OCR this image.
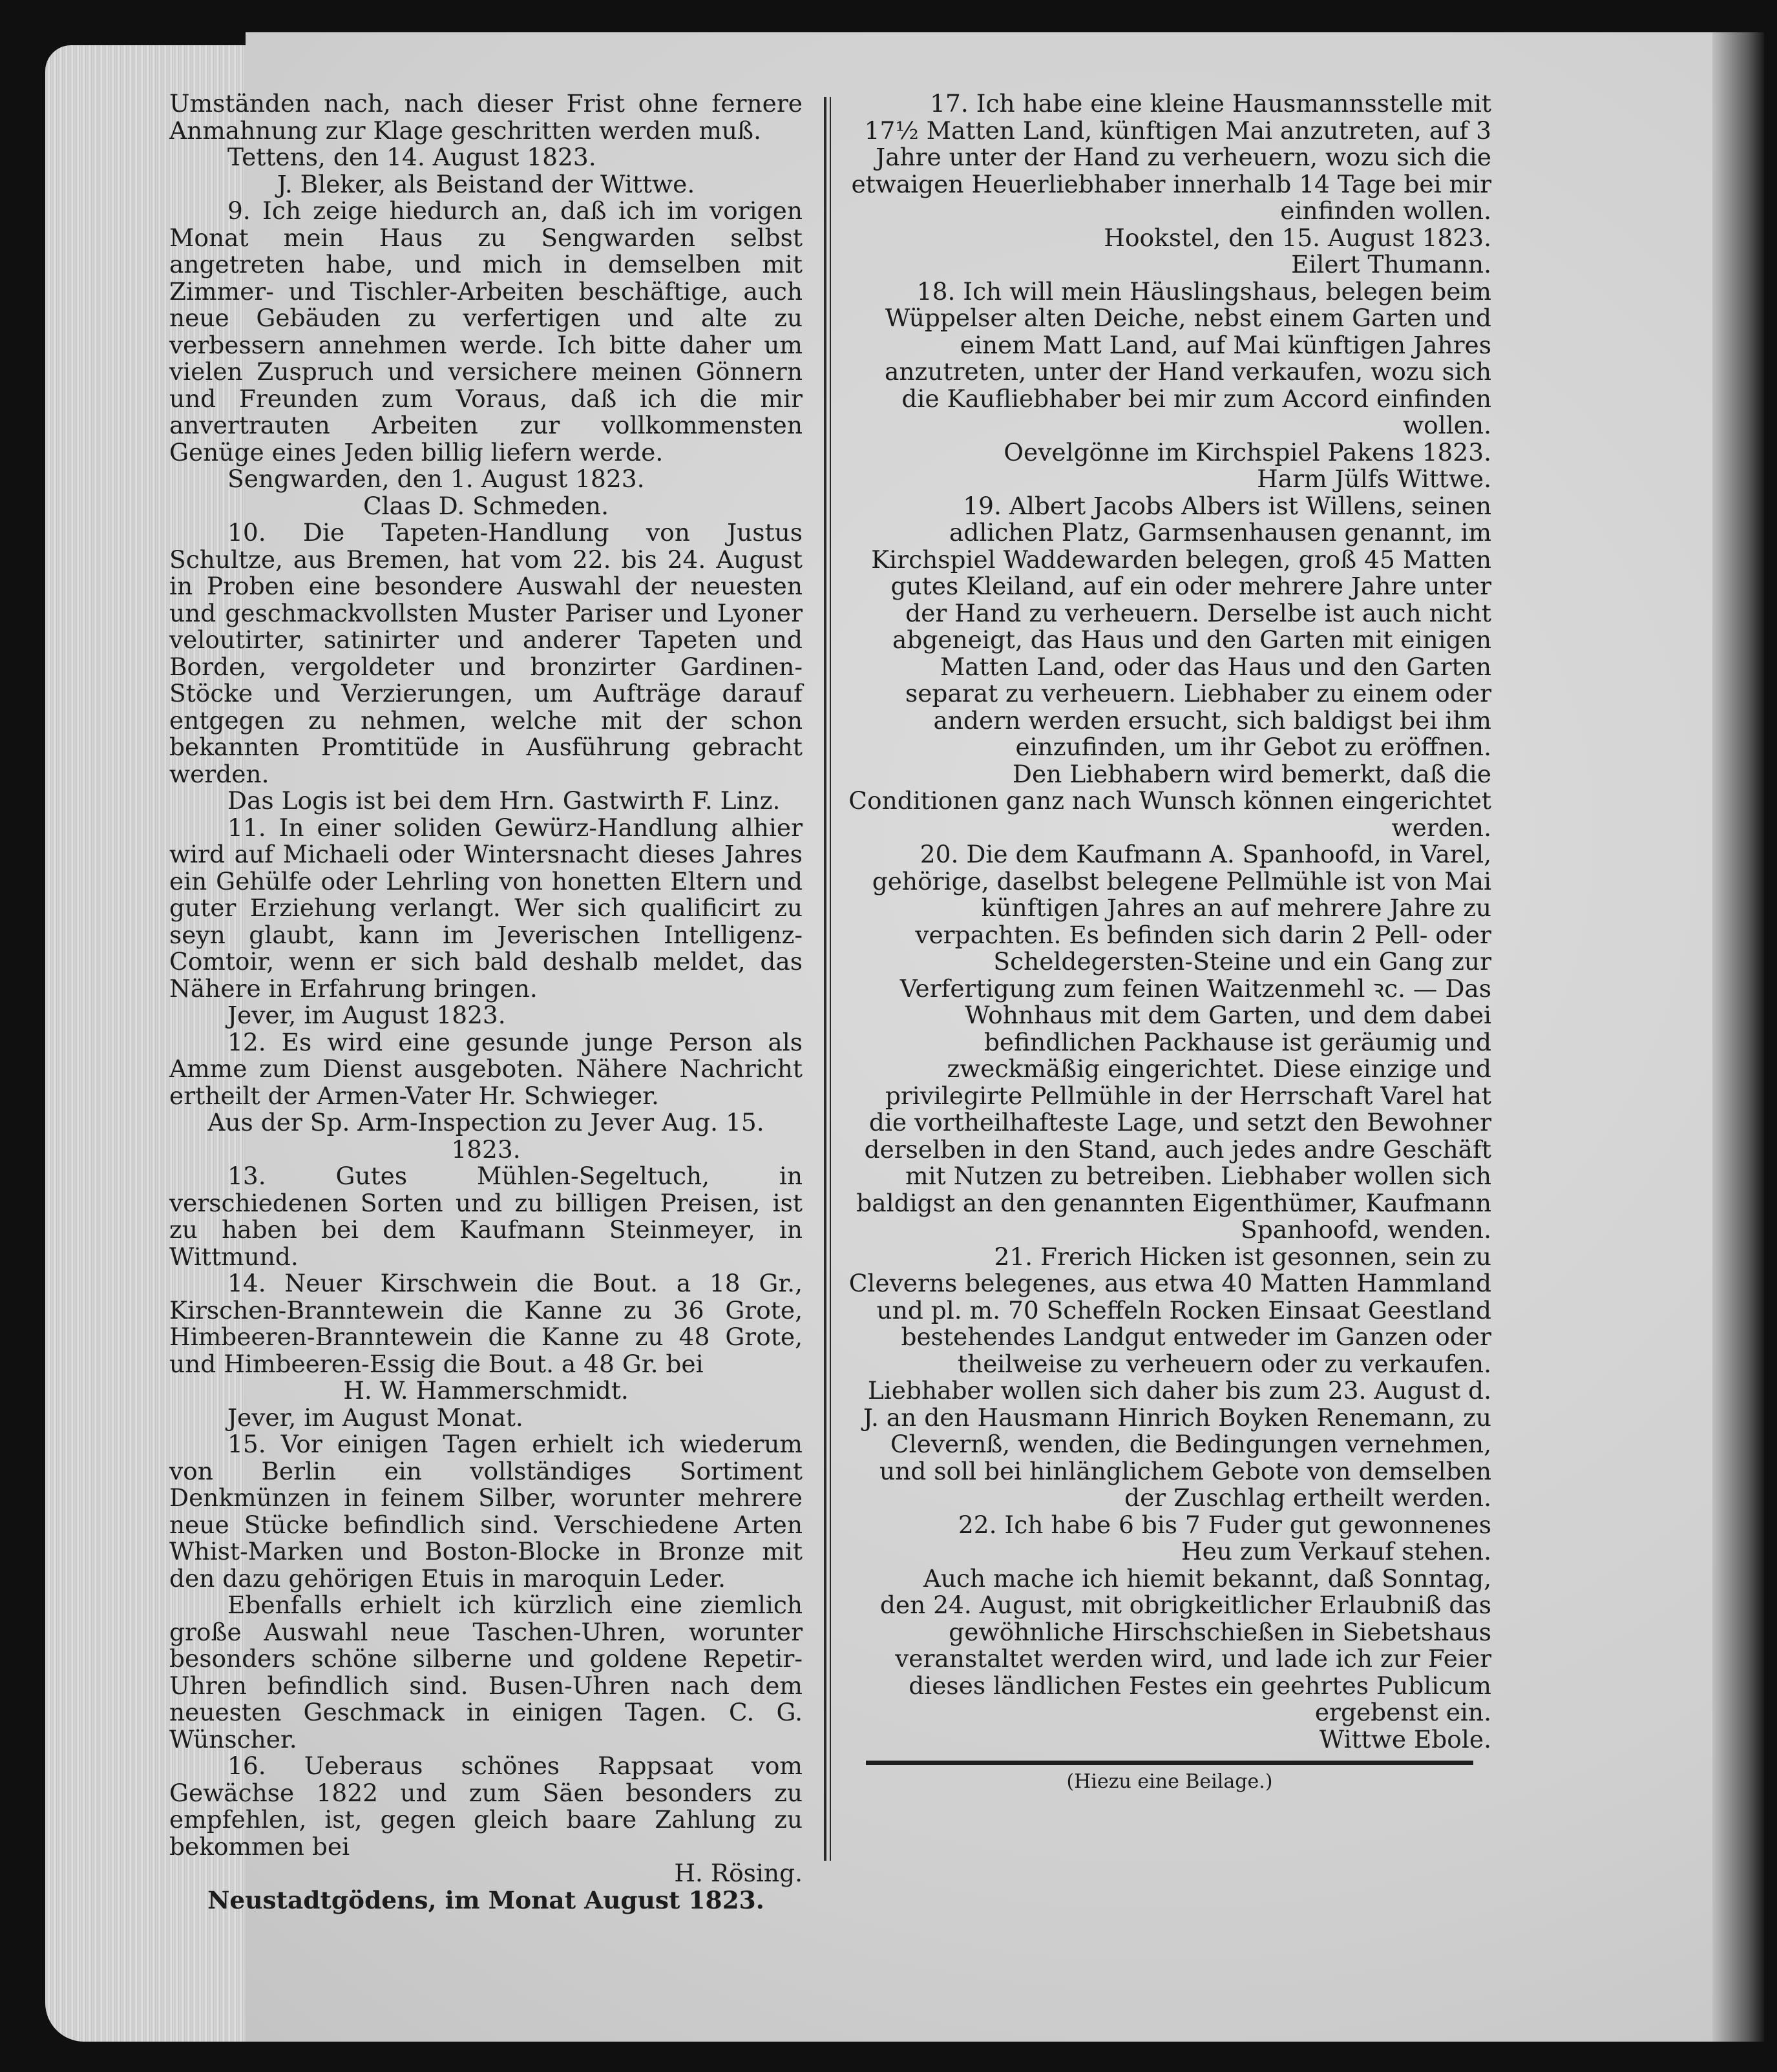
Umständen nach, nach dieser Frist ohne fernere Anmahnung zur Klage geschritten werden muß.

Tettens, den 14. August 1823.

J. Bleker, als Beistand der Wittwe.

9. Ich zeige hiedurch an, daß ich im vorigen Monat mein Haus zu Sengwarden selbst angetreten habe, und mich in demselben mit Zimmer- und Tischler-Arbeiten beschäftige, auch neue Gebäuden zu verfertigen und alte zu verbessern annehmen werde. Ich bitte daher um vielen Zuspruch und versichere meinen Gönnern und Freunden zum Voraus, daß ich die mir anvertrauten Arbeiten zur vollkommensten Genüge eines Jeden billig liefern werde.

Sengwarden, den 1. August 1823.

Claas D. Schmeden.

10. Die Tapeten-Handlung von Justus Schultze, aus Bremen, hat vom 22. bis 24. August in Proben eine besondere Auswahl der neuesten und geschmackvollsten Muster Pariser und Lyoner veloutirter, satinirter und anderer Tapeten und Borden, vergoldeter und bronzirter Gardinen-Stöcke und Verzierungen, um Aufträge darauf entgegen zu nehmen, welche mit der schon bekannten Promtitüde in Ausführung gebracht werden.

Das Logis ist bei dem Hrn. Gastwirth F. Linz.

11. In einer soliden Gewürz-Handlung alhier wird auf Michaeli oder Wintersnacht dieses Jahres ein Gehülfe oder Lehrling von honetten Eltern und guter Erziehung verlangt. Wer sich qualificirt zu seyn glaubt, kann im Jeverischen Intelligenz-Comtoir, wenn er sich bald deshalb meldet, das Nähere in Erfahrung bringen.

Jever, im August 1823.

12. Es wird eine gesunde junge Person als Amme zum Dienst ausgeboten. Nähere Nachricht ertheilt der Armen-Vater Hr. Schwieger.

Aus der Sp. Arm-Inspection zu Jever Aug. 15. 1823.

13. Gutes Mühlen-Segeltuch, in verschiedenen Sorten und zu billigen Preisen, ist zu haben bei dem Kaufmann Steinmeyer, in Wittmund.

14. Neuer Kirschwein die Bout. a 18 Gr., Kirschen-Branntewein die Kanne zu 36 Grote, Himbeeren-Branntewein die Kanne zu 48 Grote, und Himbeeren-Essig die Bout. a 48 Gr. bei

H. W. Hammerschmidt.

Jever, im August Monat.

15. Vor einigen Tagen erhielt ich wiederum von Berlin ein vollständiges Sortiment Denkmünzen in feinem Silber, worunter mehrere neue Stücke befindlich sind. Verschiedene Arten Whist-Marken und Boston-Blocke in Bronze mit den dazu gehörigen Etuis in maroquin Leder.

Ebenfalls erhielt ich kürzlich eine ziemlich große Auswahl neue Taschen-Uhren, worunter besonders schöne silberne und goldene Repetir-Uhren befindlich sind. Busen-Uhren nach dem neuesten Geschmack in einigen Tagen. C. G. Wünscher.

16. Ueberaus schönes Rappsaat vom Gewächse 1822 und zum Säen besonders zu empfehlen, ist, gegen gleich baare Zahlung zu bekommen bei

H. Rösing.

Neustadtgödens, im Monat August 1823.

17. Ich habe eine kleine Hausmannsstelle mit 17½ Matten Land, künftigen Mai anzutreten, auf 3 Jahre unter der Hand zu verheuern, wozu sich die etwaigen Heuerliebhaber innerhalb 14 Tage bei mir einfinden wollen.

Hookstel, den 15. August 1823.

Eilert Thumann.

18. Ich will mein Häuslingshaus, belegen beim Wüppelser alten Deiche, nebst einem Garten und einem Matt Land, auf Mai künftigen Jahres anzutreten, unter der Hand verkaufen, wozu sich die Kaufliebhaber bei mir zum Accord einfinden wollen.

Oevelgönne im Kirchspiel Pakens 1823.

Harm Jülfs Wittwe.

19. Albert Jacobs Albers ist Willens, seinen adlichen Platz, Garmsenhausen genannt, im Kirchspiel Waddewarden belegen, groß 45 Matten gutes Kleiland, auf ein oder mehrere Jahre unter der Hand zu verheuern. Derselbe ist auch nicht abgeneigt, das Haus und den Garten mit einigen Matten Land, oder das Haus und den Garten separat zu verheuern. Liebhaber zu einem oder andern werden ersucht, sich baldigst bei ihm einzufinden, um ihr Gebot zu eröffnen.

Den Liebhabern wird bemerkt, daß die Conditionen ganz nach Wunsch können eingerichtet werden.

20. Die dem Kaufmann A. Spanhoofd, in Varel, gehörige, daselbst belegene Pellmühle ist von Mai künftigen Jahres an auf mehrere Jahre zu verpachten. Es befinden sich darin 2 Pell- oder Scheldegersten-Steine und ein Gang zur Verfertigung zum feinen Waitzenmehl ꝛc. — Das Wohnhaus mit dem Garten, und dem dabei befindlichen Packhause ist geräumig und zweckmäßig eingerichtet. Diese einzige und privilegirte Pellmühle in der Herrschaft Varel hat die vortheilhafteste Lage, und setzt den Bewohner derselben in den Stand, auch jedes andre Geschäft mit Nutzen zu betreiben. Liebhaber wollen sich baldigst an den genannten Eigenthümer, Kaufmann Spanhoofd, wenden.

21. Frerich Hicken ist gesonnen, sein zu Cleverns belegenes, aus etwa 40 Matten Hammland und pl. m. 70 Scheffeln Rocken Einsaat Geestland bestehendes Landgut entweder im Ganzen oder theilweise zu verheuern oder zu verkaufen. Liebhaber wollen sich daher bis zum 23. August d. J. an den Hausmann Hinrich Boyken Renemann, zu Clevernß, wenden, die Bedingungen vernehmen, und soll bei hinlänglichem Gebote von demselben der Zuschlag ertheilt werden.

22. Ich habe 6 bis 7 Fuder gut gewonnenes Heu zum Verkauf stehen.

Auch mache ich hiemit bekannt, daß Sonntag, den 24. August, mit obrigkeitlicher Erlaubniß das gewöhnliche Hirschschießen in Siebetshaus veranstaltet werden wird, und lade ich zur Feier dieses ländlichen Festes ein geehrtes Publicum ergebenst ein.

Wittwe Ebole.

(Hiezu eine Beilage.)
